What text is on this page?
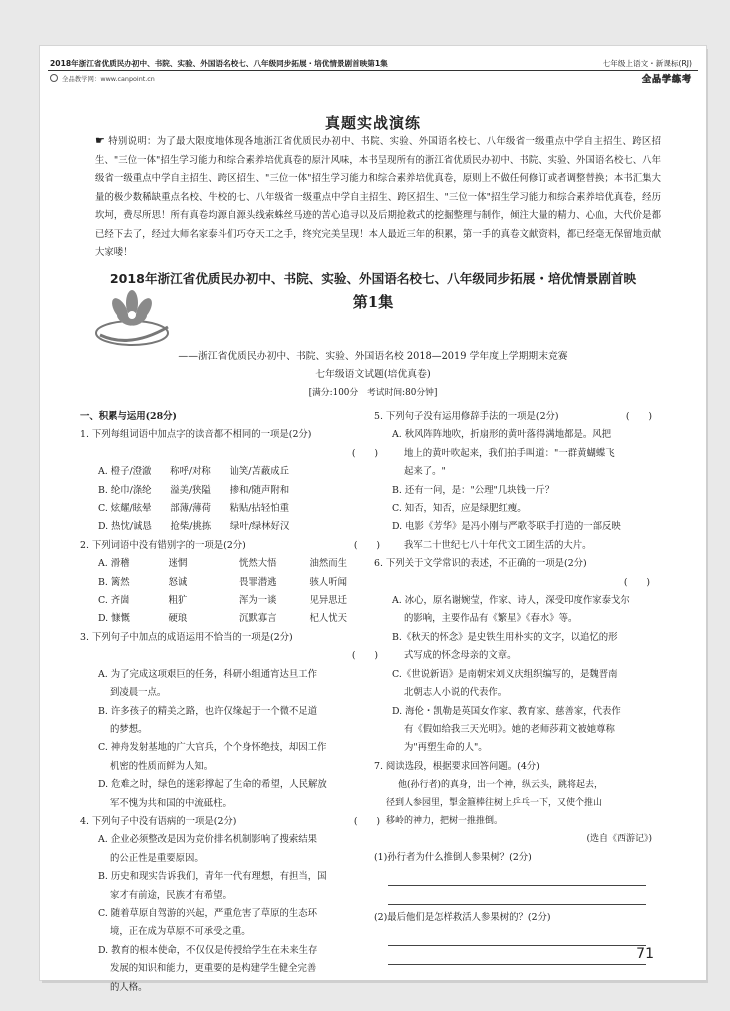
2018年浙江省优质民办初中、书院、实验、外国语名校七、八年级同步拓展・培优情景剧首映第1集	七年级上语文・新课标(RJ)
全品教学网：www.canpoint.cn	全品学练考
真题实战演练
☛ 特别说明：为了最大限度地体现各地浙江省优质民办初中、书院、实验、外国语名校七、八年级省一级重点中学自主招生、跨区招生、"三位一体"招生学习能力和综合素养培优真卷的原汁风味，本书呈现所有的浙江省优质民办初中、书院、实验、外国语名校七、八年级省一级重点中学自主招生、跨区招生、"三位一体"招生学习能力和综合素养培优真卷，原则上不做任何修订或者调整替换；本书汇集大量的极少数稀缺重点名校、牛校的七、八年级省一级重点中学自主招生、跨区招生、"三位一体"招生学习能力和综合素养培优真卷，经历坎坷，费尽所思！所有真卷均源自源头线索蛛丝马迹的苦心追寻以及后期抢救式的挖掘整理与制作，倾注大量的精力、心血，大代价是都已经下去了，经过大师名家泰斗们巧夺天工之手，终究完美呈现！本人最近三年的积累，第一手的真卷文献资料，都已经毫无保留地贡献大家喽！
2018年浙江省优质民办初中、书院、实验、外国语名校七、八年级同步拓展・培优情景剧首映
第1集
——浙江省优质民办初中、书院、实验、外国语名校 2018—2019 学年度上学期期末竞赛
七年级语文试题(培优真卷)
[满分:100分　考试时间:80分钟]

一、积累与运用(28分)

1. 下列每组词语中加点字的读音都不相同的一项是(2分)

(　　)

A. 橙子/澄澈　　称呼/对称　　讪笑/苫蔽成丘

B. 纶巾/涤纶　　溢美/狭隘　　掺和/随声附和

C. 炫耀/眩晕　　部薄/薄荷　　粘贴/拈轻怕重

D. 热忱/诚恳　　抢柴/挑拣　　绿叶/绿林好汉

2. 下列词语中没有错别字的一项是(2分)	(　　)

A. 滑稽	迷惘	恍然大悟	油然而生

B. 篱然	怒诚	畏罪潜逃	骇人听闻

C. 齐崮	粗犷	浑为一谈	见异思迁

D. 慷慨	硬琅	沉默寡言	杞人忧天

3. 下列句子中加点的成语运用不恰当的一项是(2分)

(　　)

A. 为了完成这项艰巨的任务，科研小组通宵达旦工作

到凌晨一点。

B. 许多孩子的精美之路，也许仅缘起于一个微不足道

的梦想。

C. 神舟发射基地的广大官兵，个个身怀绝技，却因工作

机密的性质而鲜为人知。

D. 危难之时，绿色的迷彩撑起了生命的希望，人民解放

军不愧为共和国的中流砥柱。

4. 下列句子中没有语病的一项是(2分)	(　　)

A. 企业必须整改是因为竞价排名机制影响了搜索结果

的公正性是重要原因。

B. 历史和现实告诉我们，青年一代有理想，有担当，国

家才有前途，民族才有希望。

C. 随着草原自驾游的兴起，严重危害了草原的生态环

境，正在成为草原不可承受之重。

D. 教育的根本使命，不仅仅是传授给学生在未来生存

发展的知识和能力，更重要的是构建学生健全完善

的人格。

5. 下列句子没有运用修辞手法的一项是(2分)	(　　)

A. 秋风阵阵地吹，折扇形的黄叶落得满地都是。风把

地上的黄叶吹起来，我们拍手叫道："一群黄蝴蝶飞

起来了。"

B. 还有一问，是："公理"几块钱一斤？

C. 知否，知否，应是绿肥红瘦。

D. 电影《芳华》是冯小刚与严歌苓联手打造的一部反映

我军二十世纪七八十年代文工团生活的大片。

6. 下列关于文学常识的表述，不正确的一项是(2分)

(　　)

A. 冰心，原名谢婉莹，作家、诗人，深受印度作家泰戈尔

的影响，主要作品有《繁星》《春水》等。

B.《秋天的怀念》是史铁生用朴实的文字，以追忆的形

式写成的怀念母亲的文章。

C.《世说新语》是南朝宋刘义庆组织编写的，是魏晋南

北朝志人小说的代表作。

D. 海伦・凯勒是英国女作家、教育家、慈善家，代表作

有《假如给我三天光明》。她的老师莎莉文被她尊称

为"再塑生命的人"。

7. 阅读选段，根据要求回答问题。(4分)

他(孙行者)的真身，出一个神，纵云头，跳将起去，

径到人参园里，掣金箍棒往树上乒乓一下，又使个推山

移岭的神力，把树一推推倒。

(选自《西游记》)

(1)孙行者为什么推倒人参果树？(2分)

(2)最后他们是怎样救活人参果树的？(2分)

71
